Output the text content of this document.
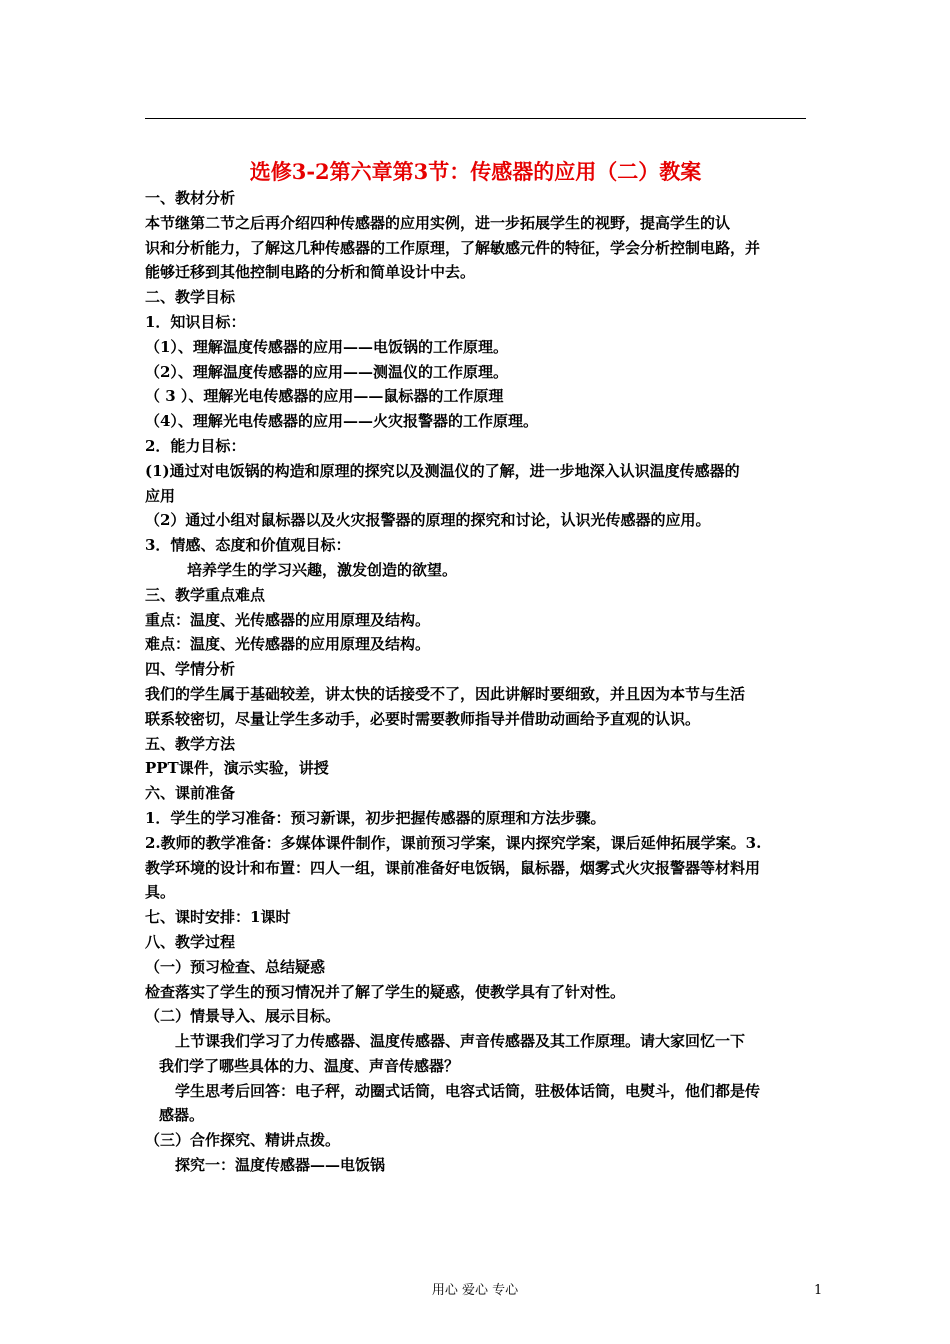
选修3-2第六章第3节：传感器的应用（二）教案
一、教材分析
本节继第二节之后再介绍四种传感器的应用实例，进一步拓展学生的视野，提高学生的认
识和分析能力，了解这几种传感器的工作原理，了解敏感元件的特征，学会分析控制电路，并
能够迁移到其他控制电路的分析和简单设计中去。
二、教学目标
1．知识目标：
（1）、理解温度传感器的应用——电饭锅的工作原理。
（2）、理解温度传感器的应用——测温仪的工作原理。
（ 3 ）、理解光电传感器的应用——鼠标器的工作原理
（4）、理解光电传感器的应用——火灾报警器的工作原理。
2．能力目标：
(1)通过对电饭锅的构造和原理的探究以及测温仪的了解，进一步地深入认识温度传感器的
应用
（2）通过小组对鼠标器以及火灾报警器的原理的探究和讨论，认识光传感器的应用。
3．情感、态度和价值观目标：
培养学生的学习兴趣，激发创造的欲望。
三、教学重点难点
重点：温度、光传感器的应用原理及结构。
难点：温度、光传感器的应用原理及结构。
四、学情分析
我们的学生属于基础较差，讲太快的话接受不了，因此讲解时要细致，并且因为本节与生活
联系较密切，尽量让学生多动手，必要时需要教师指导并借助动画给予直观的认识。
五、教学方法
PPT课件，演示实验，讲授
六、课前准备
1．学生的学习准备：预习新课，初步把握传感器的原理和方法步骤。
2.教师的教学准备：多媒体课件制作，课前预习学案，课内探究学案，课后延伸拓展学案。3.
教学环境的设计和布置：四人一组，课前准备好电饭锅，鼠标器，烟雾式火灾报警器等材料用
具。
七、课时安排：1课时
八、教学过程
（一）预习检查、总结疑惑
检查落实了学生的预习情况并了解了学生的疑惑，使教学具有了针对性。
（二）情景导入、展示目标。
上节课我们学习了力传感器、温度传感器、声音传感器及其工作原理。请大家回忆一下
我们学了哪些具体的力、温度、声音传感器？
学生思考后回答：电子秤，动圈式话筒，电容式话筒，驻极体话筒，电熨斗，他们都是传
感器。
（三）合作探究、精讲点拨。
探究一：温度传感器——电饭锅
用心 爱心 专心	1
